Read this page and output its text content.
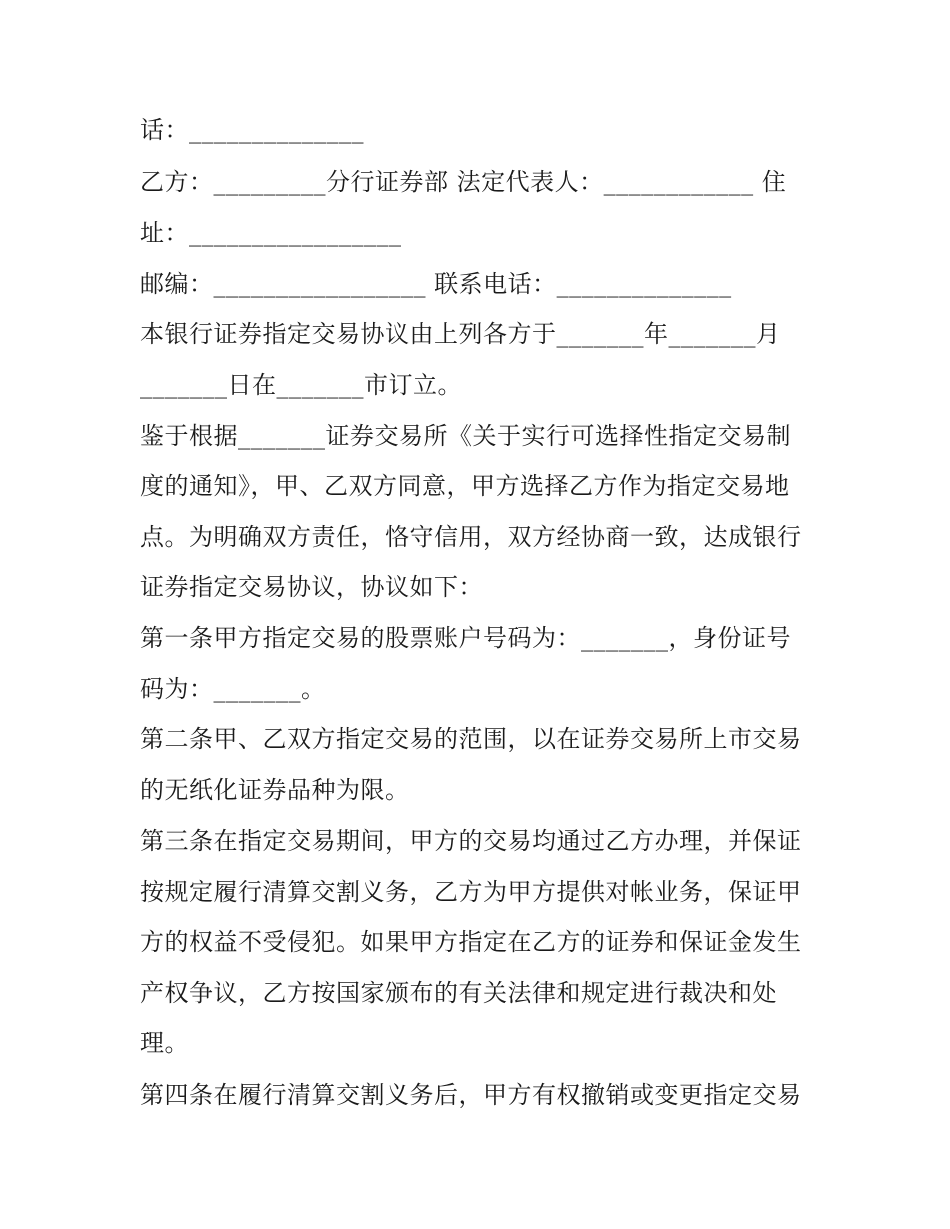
话：______________
乙方：_________分行证券部 法定代表人：____________ 住
址：_________________
邮编：_________________ 联系电话：______________
本银行证券指定交易协议由上列各方于_______年_______月
_______日在_______市订立。
鉴于根据_______证券交易所《关于实行可选择性指定交易制
度的通知》，甲、乙双方同意，甲方选择乙方作为指定交易地
点。为明确双方责任，恪守信用，双方经协商一致，达成银行
证券指定交易协议，协议如下：
第一条甲方指定交易的股票账户号码为：_______，身份证号
码为：_______。
第二条甲、乙双方指定交易的范围，以在证券交易所上市交易
的无纸化证券品种为限。
第三条在指定交易期间，甲方的交易均通过乙方办理，并保证
按规定履行清算交割义务，乙方为甲方提供对帐业务，保证甲
方的权益不受侵犯。如果甲方指定在乙方的证券和保证金发生
产权争议，乙方按国家颁布的有关法律和规定进行裁决和处
理。
第四条在履行清算交割义务后，甲方有权撤销或变更指定交易
